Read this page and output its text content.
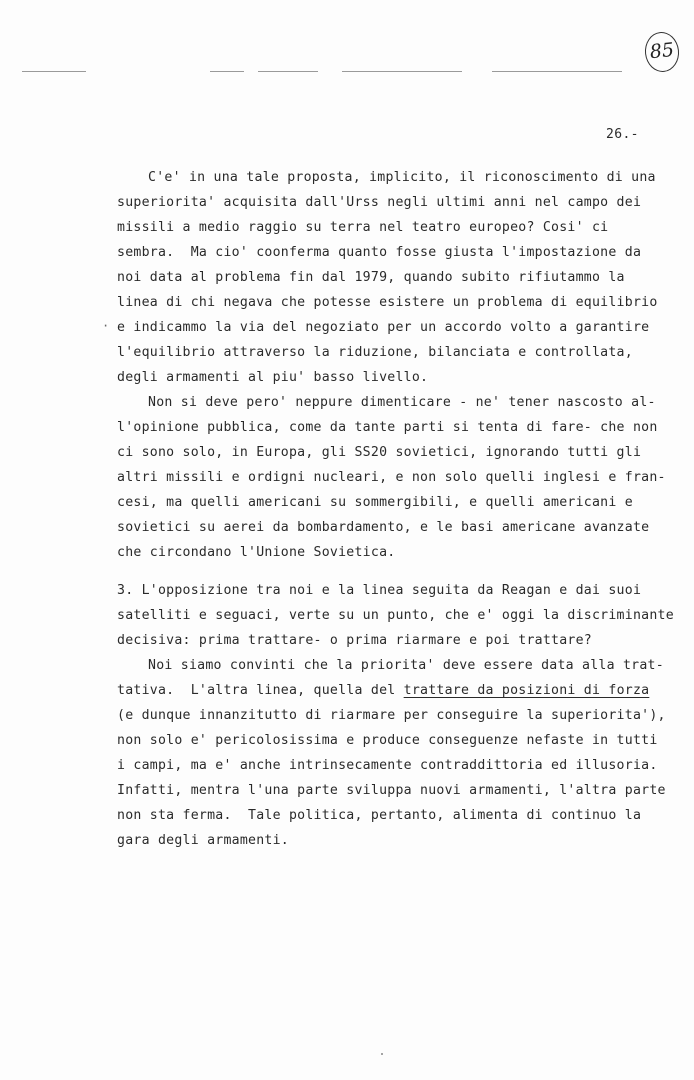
85
26.-
·
C'e' in una tale proposta, implicito, il riconoscimento di una
superiorita' acquisita dall'Urss negli ultimi anni nel campo dei
missili a medio raggio su terra nel teatro europeo? Cosi' ci
sembra.  Ma cio' coonferma quanto fosse giusta l'impostazione da
noi data al problema fin dal 1979, quando subito rifiutammo la
linea di chi negava che potesse esistere un problema di equilibrio
e indicammo la via del negoziato per un accordo volto a garantire
l'equilibrio attraverso la riduzione, bilanciata e controllata,
degli armamenti al piu' basso livello.
Non si deve pero' neppure dimenticare - ne' tener nascosto al-
l'opinione pubblica, come da tante parti si tenta di fare- che non
ci sono solo, in Europa, gli SS20 sovietici, ignorando tutti gli
altri missili e ordigni nucleari, e non solo quelli inglesi e fran-
cesi, ma quelli americani su sommergibili, e quelli americani e
sovietici su aerei da bombardamento, e le basi americane avanzate
che circondano l'Unione Sovietica.
3. L'opposizione tra noi e la linea seguita da Reagan e dai suoi
satelliti e seguaci, verte su un punto, che e' oggi la discriminante
decisiva: prima trattare- o prima riarmare e poi trattare?
Noi siamo convinti che la priorita' deve essere data alla trat-
tativa.  L'altra linea, quella del trattare da posizioni di forza
(e dunque innanzitutto di riarmare per conseguire la superiorita'),
non solo e' pericolosissima e produce conseguenze nefaste in tutti
i campi, ma e' anche intrinsecamente contraddittoria ed illusoria.
Infatti, mentra l'una parte sviluppa nuovi armamenti, l'altra parte
non sta ferma.  Tale politica, pertanto, alimenta di continuo la
gara degli armamenti.
